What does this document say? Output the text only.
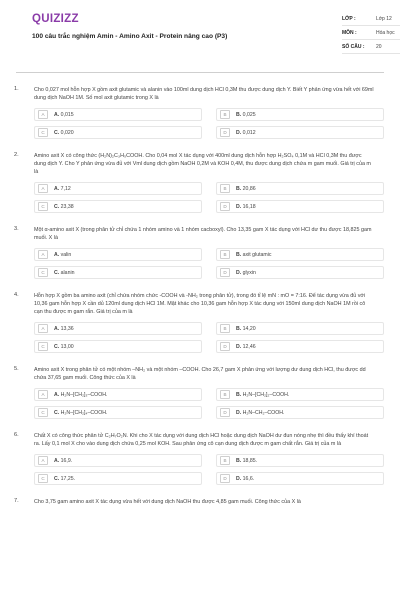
QUIZIZZ
100 câu trắc nghiệm Amin - Amino Axit - Protein nâng cao (P3)
LỚP :	Lớp 12
MÔN :	Hóa học
SỐ CÂU :	20
1.	Cho 0,027 mol hỗn hợp X gồm axit glutamic và alanin vào 100ml dung dịch HCl 0,3M thu được dung dịch Y. Biết Y phản ứng vừa hết với 69ml dung dịch NaOH 1M. Số mol axit glutamic trong X là
A	A. 0,015	B	B. 0,025
C	C. 0,020	D	D. 0,012
2.	Amino axit X có công thức (H₂N)₂C₃H₅COOH. Cho 0,04 mol X tác dụng với 400ml dung dịch hỗn hợp H₂SO₄ 0,1M và HCl 0,3M thu được dung dịch Y. Cho Y phản ứng vừa đủ với Vml dung dịch gồm NaOH 0,2M và KOH 0,4M, thu được dung dịch chứa m gam muối. Giá trị của m là
A	A. 7,12	B	B. 20,86
C	C. 23,38	D	D. 16,18
3.	Một α-amino axit X (trong phân tử chỉ chứa 1 nhóm amino và 1 nhóm cacboxyl). Cho 13,35 gam X tác dụng với HCl dư thu được 18,825 gam muối. X là
A	A. valin	B	B. axit glutamic
C	C. alanin	D	D. glyxin
4.	Hỗn hợp X gồm ba amino axit (chỉ chứa nhóm chức -COOH và -NH₂ trong phân tử), trong đó tỉ lệ mN : mO = 7:16. Để tác dụng vừa đủ với 10,36 gam hỗn hợp X cần dủ 120ml dung dịch HCl 1M. Mặt khác cho 10,36 gam hỗn hợp X tác dụng với 150ml dung dịch NaOH 1M rồi cô cạn thu được m gam rắn. Giá trị của m là
A	A. 13,36	B	B. 14,20
C	C. 13,00	D	D. 12,46
5.	Amino axit X trong phân tử có một nhóm –NH₂ và một nhóm –COOH. Cho 26,7 gam X phản ứng với lượng dư dung dịch HCl, thu được dd chứa 37,65 gam muối. Công thức của X là
A	A. H₂N–[CH₂]₃–COOH.	B	B. H₂N–[CH₂]₂–COOH.
C	C. H₂N–[CH₂]₄–COOH.	D	D. H₂N–CH₂–COOH.
6.	Chất X có công thức phân tử C₂H₇O₂N. Khi cho X tác dụng với dung dịch HCl hoặc dung dịch NaOH dư đun nóng nhẹ thì đều thấy khí thoát ra. Lấy 0,1 mol X cho vào dung dịch chứa 0,25 mol KOH. Sau phản ứng cô cạn dung dịch được m gam chất rắn. Giá trị của m là
A	A. 16,9.	B	B. 18,85.
C	C. 17,25.	D	D. 16,6.
7.	Cho 3,75 gam amino axit X tác dụng vừa hết với dung dịch NaOH thu được 4,85 gam muối. Công thức của X là
